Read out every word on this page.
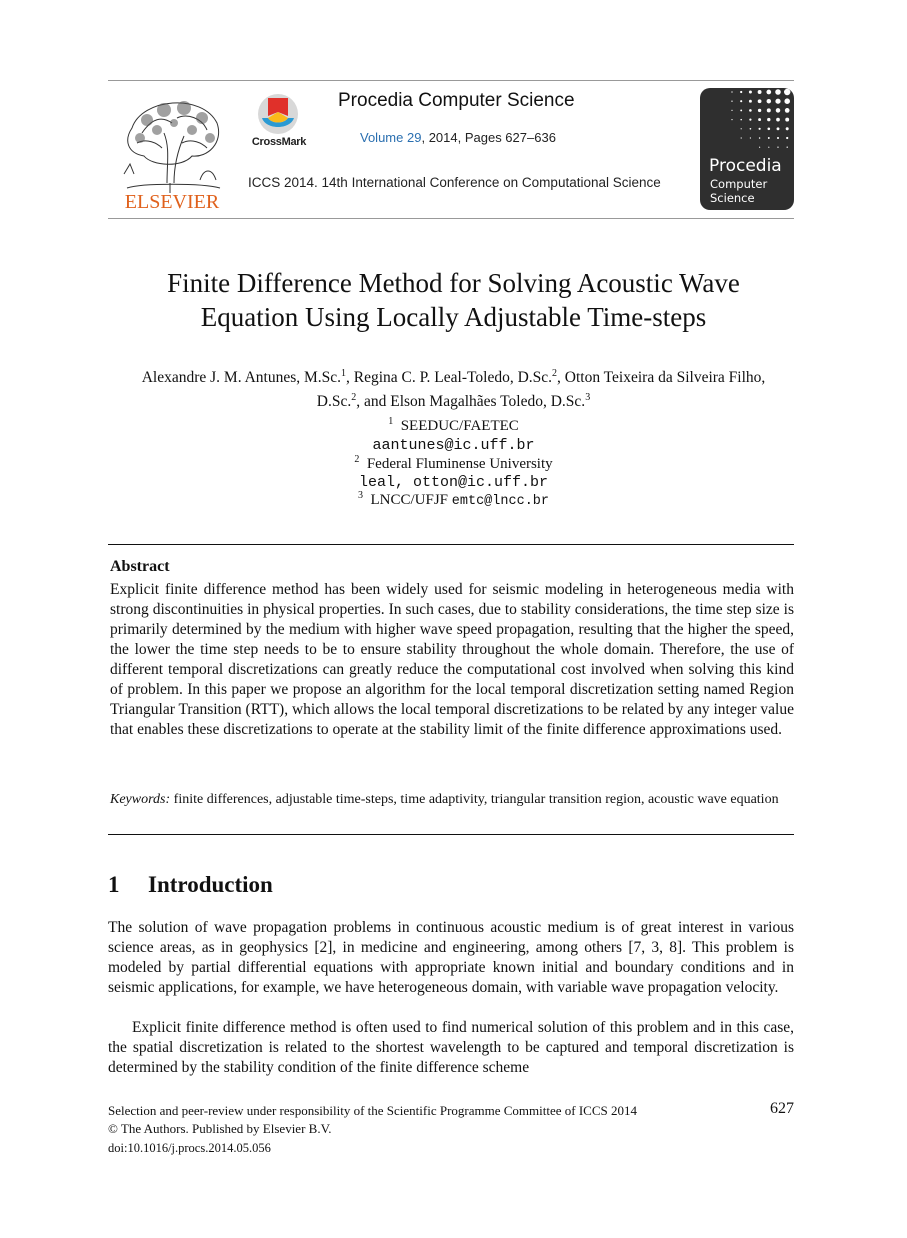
ELSEVIER
CrossMark
Procedia Computer Science
Volume 29, 2014, Pages 627–636
ICCS 2014. 14th International Conference on Computational Science
Procedia
Computer
Science
Finite Difference Method for Solving Acoustic Wave
Equation Using Locally Adjustable Time-steps
Alexandre J. M. Antunes, M.Sc.$^1$, Regina C. P. Leal-Toledo, D.Sc.$^2$, Otton Teixeira da Silveira Filho,
D.Sc.$^2$, and Elson Magalhães Toledo, D.Sc.$^3$
$^1$ SEEDUC/FAETEC
aantunes@ic.uff.br
$^2$ Federal Fluminense University
leal, otton@ic.uff.br
$^3$ LNCC/UFJF emtc@lncc.br
Abstract
Explicit finite difference method has been widely used for seismic modeling in heterogeneous media with strong discontinuities in physical properties. In such cases, due to stability considerations, the time step size is primarily determined by the medium with higher wave speed propagation, resulting that the higher the speed, the lower the time step needs to be to ensure stability throughout the whole domain. Therefore, the use of different temporal discretizations can greatly reduce the computational cost involved when solving this kind of problem. In this paper we propose an algorithm for the local temporal discretization setting named Region Triangular Transition (RTT), which allows the local temporal discretizations to be related by any integer value that enables these discretizations to operate at the stability limit of the finite difference approximations used.
Keywords: finite differences, adjustable time-steps, time adaptivity, triangular transition region, acoustic wave equation
1 Introduction
The solution of wave propagation problems in continuous acoustic medium is of great interest in various science areas, as in geophysics [2], in medicine and engineering, among others [7, 3, 8]. This problem is modeled by partial differential equations with appropriate known initial and boundary conditions and in seismic applications, for example, we have heterogeneous domain, with variable wave propagation velocity.
Explicit finite difference method is often used to find numerical solution of this problem and in this case, the spatial discretization is related to the shortest wavelength to be captured and temporal discretization is determined by the stability condition of the finite difference scheme
Selection and peer-review under responsibility of the Scientific Programme Committee of ICCS 2014
© The Authors. Published by Elsevier B.V.
627
doi:10.1016/j.procs.2014.05.056
